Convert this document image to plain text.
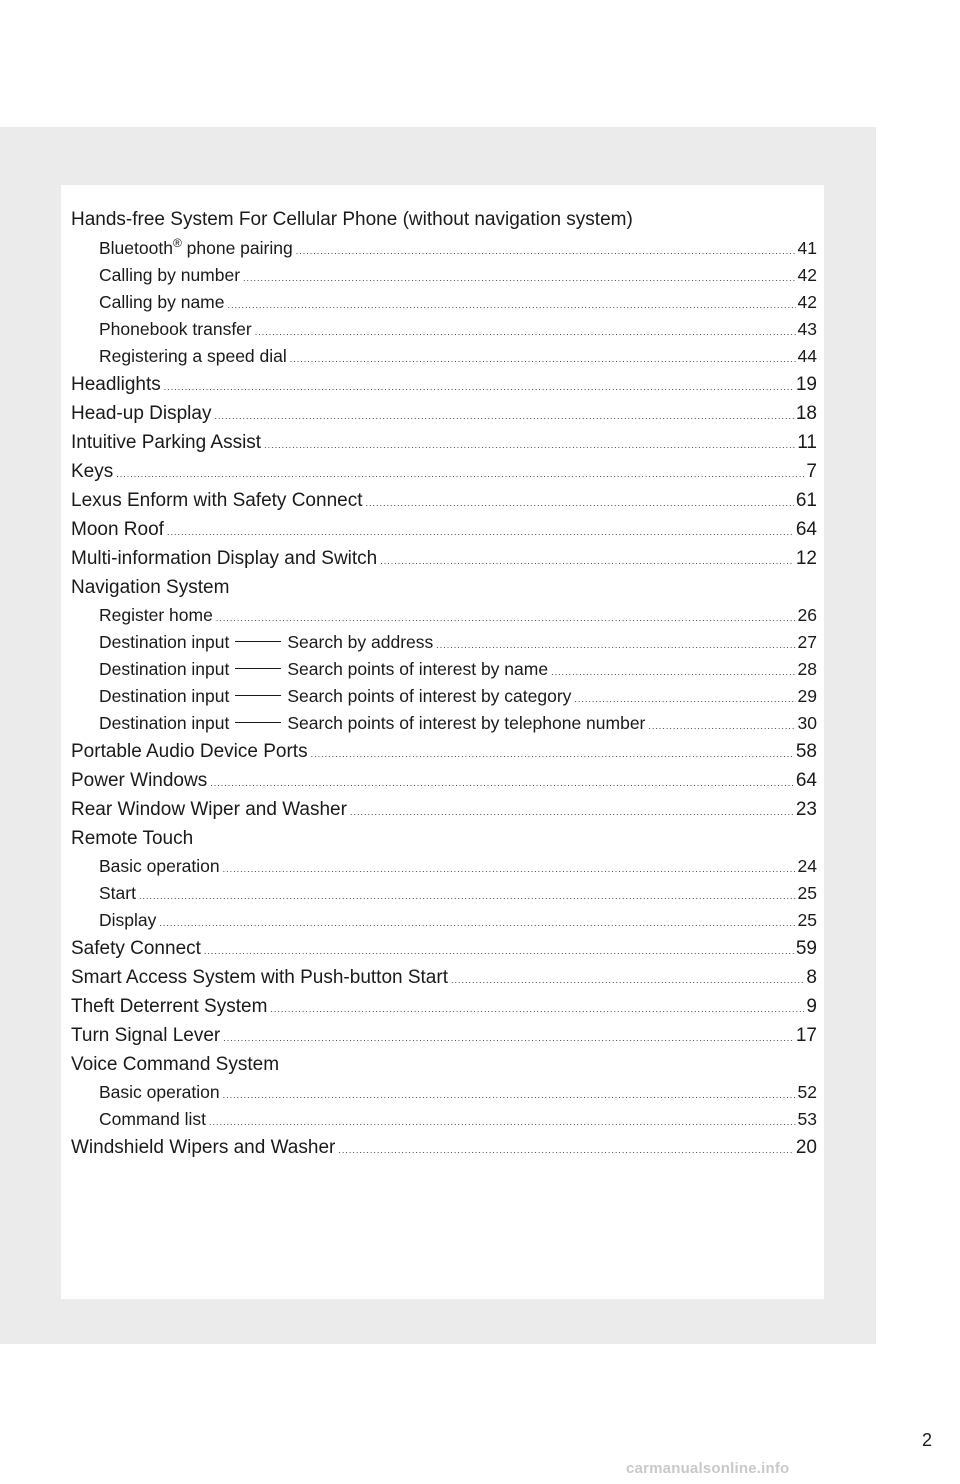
Hands-free System For Cellular Phone (without navigation system)
Bluetooth® phone pairing .....	41
Calling by number .....	42
Calling by name .....	42
Phonebook transfer .....	43
Registering a speed dial .....	44
Headlights .....	19
Head-up Display .....	18
Intuitive Parking Assist .....	11
Keys .....	7
Lexus Enform with Safety Connect .....	61
Moon Roof .....	64
Multi-information Display and Switch .....	12
Navigation System
Register home .....	26
Destination input	Search by address .....	27
Destination input	Search points of interest by name .....	28
Destination input	Search points of interest by category .....	29
Destination input	Search points of interest by telephone number .....	30
Portable Audio Device Ports .....	58
Power Windows .....	64
Rear Window Wiper and Washer .....	23
Remote Touch
Basic operation .....	24
Start .....	25
Display .....	25
Safety Connect .....	59
Smart Access System with Push-button Start .....	8
Theft Deterrent System .....	9
Turn Signal Lever .....	17
Voice Command System
Basic operation .....	52
Command list .....	53
Windshield Wipers and Washer .....	20
2
carmanualsonline.info
